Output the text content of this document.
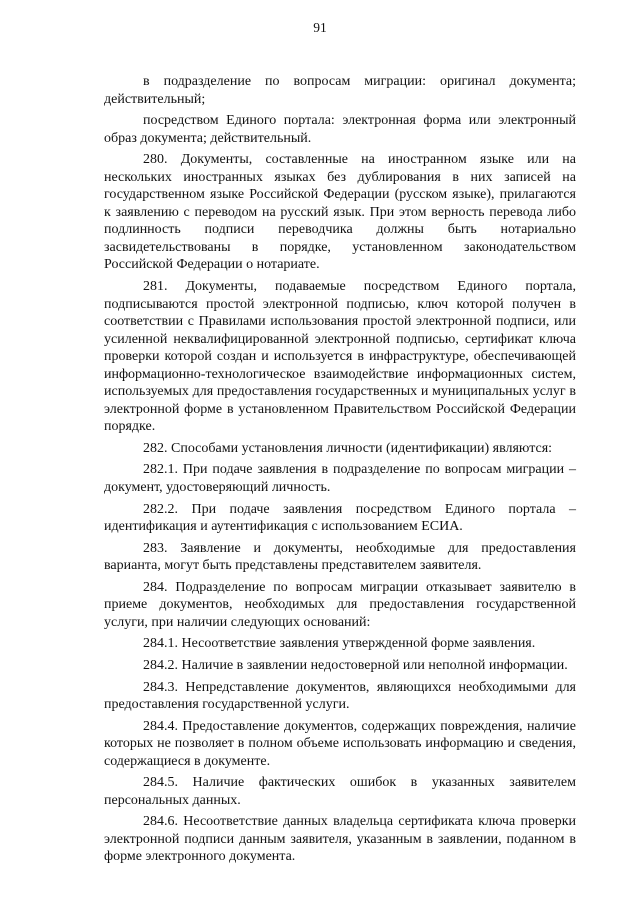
91

в подразделение по вопросам миграции: оригинал документа; действительный;

посредством Единого портала: электронная форма или электронный образ документа; действительный.

280. Документы, составленные на иностранном языке или на нескольких иностранных языках без дублирования в них записей на государственном языке Российской Федерации (русском языке), прилагаются к заявлению с переводом на русский язык. При этом верность перевода либо подлинность подписи переводчика должны быть нотариально засвидетельствованы в порядке, установленном законодательством Российской Федерации о нотариате.

281. Документы, подаваемые посредством Единого портала, подписываются простой электронной подписью, ключ которой получен в соответствии с Правилами использования простой электронной подписи, или усиленной неквалифицированной электронной подписью, сертификат ключа проверки которой создан и используется в инфраструктуре, обеспечивающей информационно-технологическое взаимодействие информационных систем, используемых для предоставления государственных и муниципальных услуг в электронной форме в установленном Правительством Российской Федерации порядке.

282. Способами установления личности (идентификации) являются:

282.1. При подаче заявления в подразделение по вопросам миграции – документ, удостоверяющий личность.

282.2. При подаче заявления посредством Единого портала – идентификация и аутентификация с использованием ЕСИА.

283. Заявление и документы, необходимые для предоставления варианта, могут быть представлены представителем заявителя.

284. Подразделение по вопросам миграции отказывает заявителю в приеме документов, необходимых для предоставления государственной услуги, при наличии следующих оснований:

284.1. Несоответствие заявления утвержденной форме заявления.

284.2. Наличие в заявлении недостоверной или неполной информации.

284.3. Непредставление документов, являющихся необходимыми для предоставления государственной услуги.

284.4. Предоставление документов, содержащих повреждения, наличие которых не позволяет в полном объеме использовать информацию и сведения, содержащиеся в документе.

284.5. Наличие фактических ошибок в указанных заявителем персональных данных.

284.6. Несоответствие данных владельца сертификата ключа проверки электронной подписи данным заявителя, указанным в заявлении, поданном в форме электронного документа.
